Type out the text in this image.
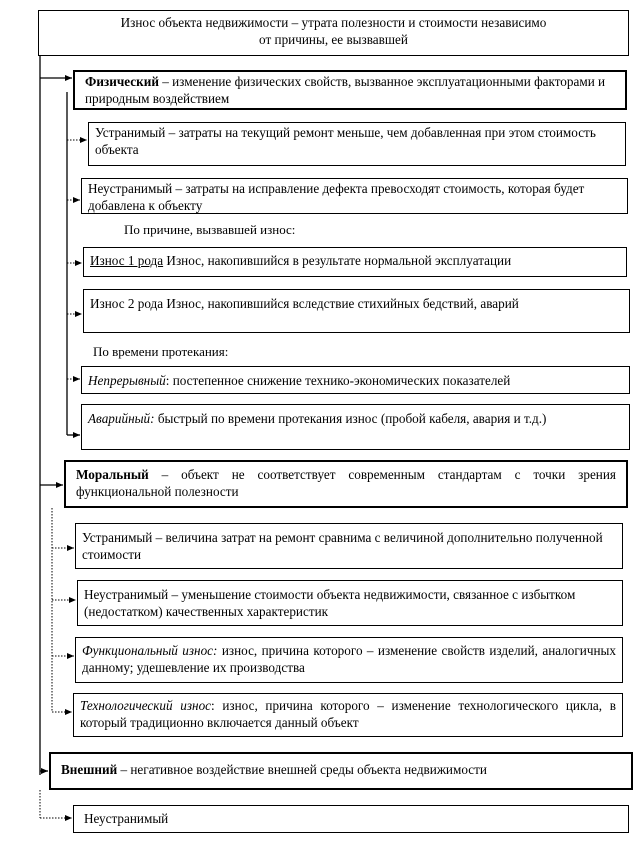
Износ объекта недвижимости – утрата полезности и стоимости независимо
от причины, ее вызвавшей
Физический – изменение физических свойств, вызванное эксплуатационными факторами и природным воздействием
Устранимый – затраты на текущий ремонт меньше, чем добавленная при этом стоимость объекта
Неустранимый – затраты на исправление дефекта превосходят стоимость, которая будет добавлена к объекту
По причине, вызвавшей износ:
Износ 1 рода Износ, накопившийся в результате нормальной эксплуатации
Износ 2 рода Износ, накопившийся вследствие стихийных бедствий, аварий
По времени протекания:
Непрерывный: постепенное снижение технико-экономических показателей
Аварийный: быстрый по времени протекания износ (пробой кабеля, авария и т.д.)
Моральный – объект не соответствует современным стандартам с точки зрения функциональной полезности
Устранимый – величина затрат на ремонт сравнима с величиной дополнительно полученной стоимости
Неустранимый – уменьшение стоимости объекта недвижимости, связанное с избытком (недостатком) качественных характеристик
Функциональный износ: износ, причина которого – изменение свойств изделий, аналогичных данному; удешевление их производства
Технологический износ: износ, причина которого – изменение технологического цикла, в который традиционно включается данный объект
Внешний – негативное воздействие внешней среды объекта недвижимости
Неустранимый
